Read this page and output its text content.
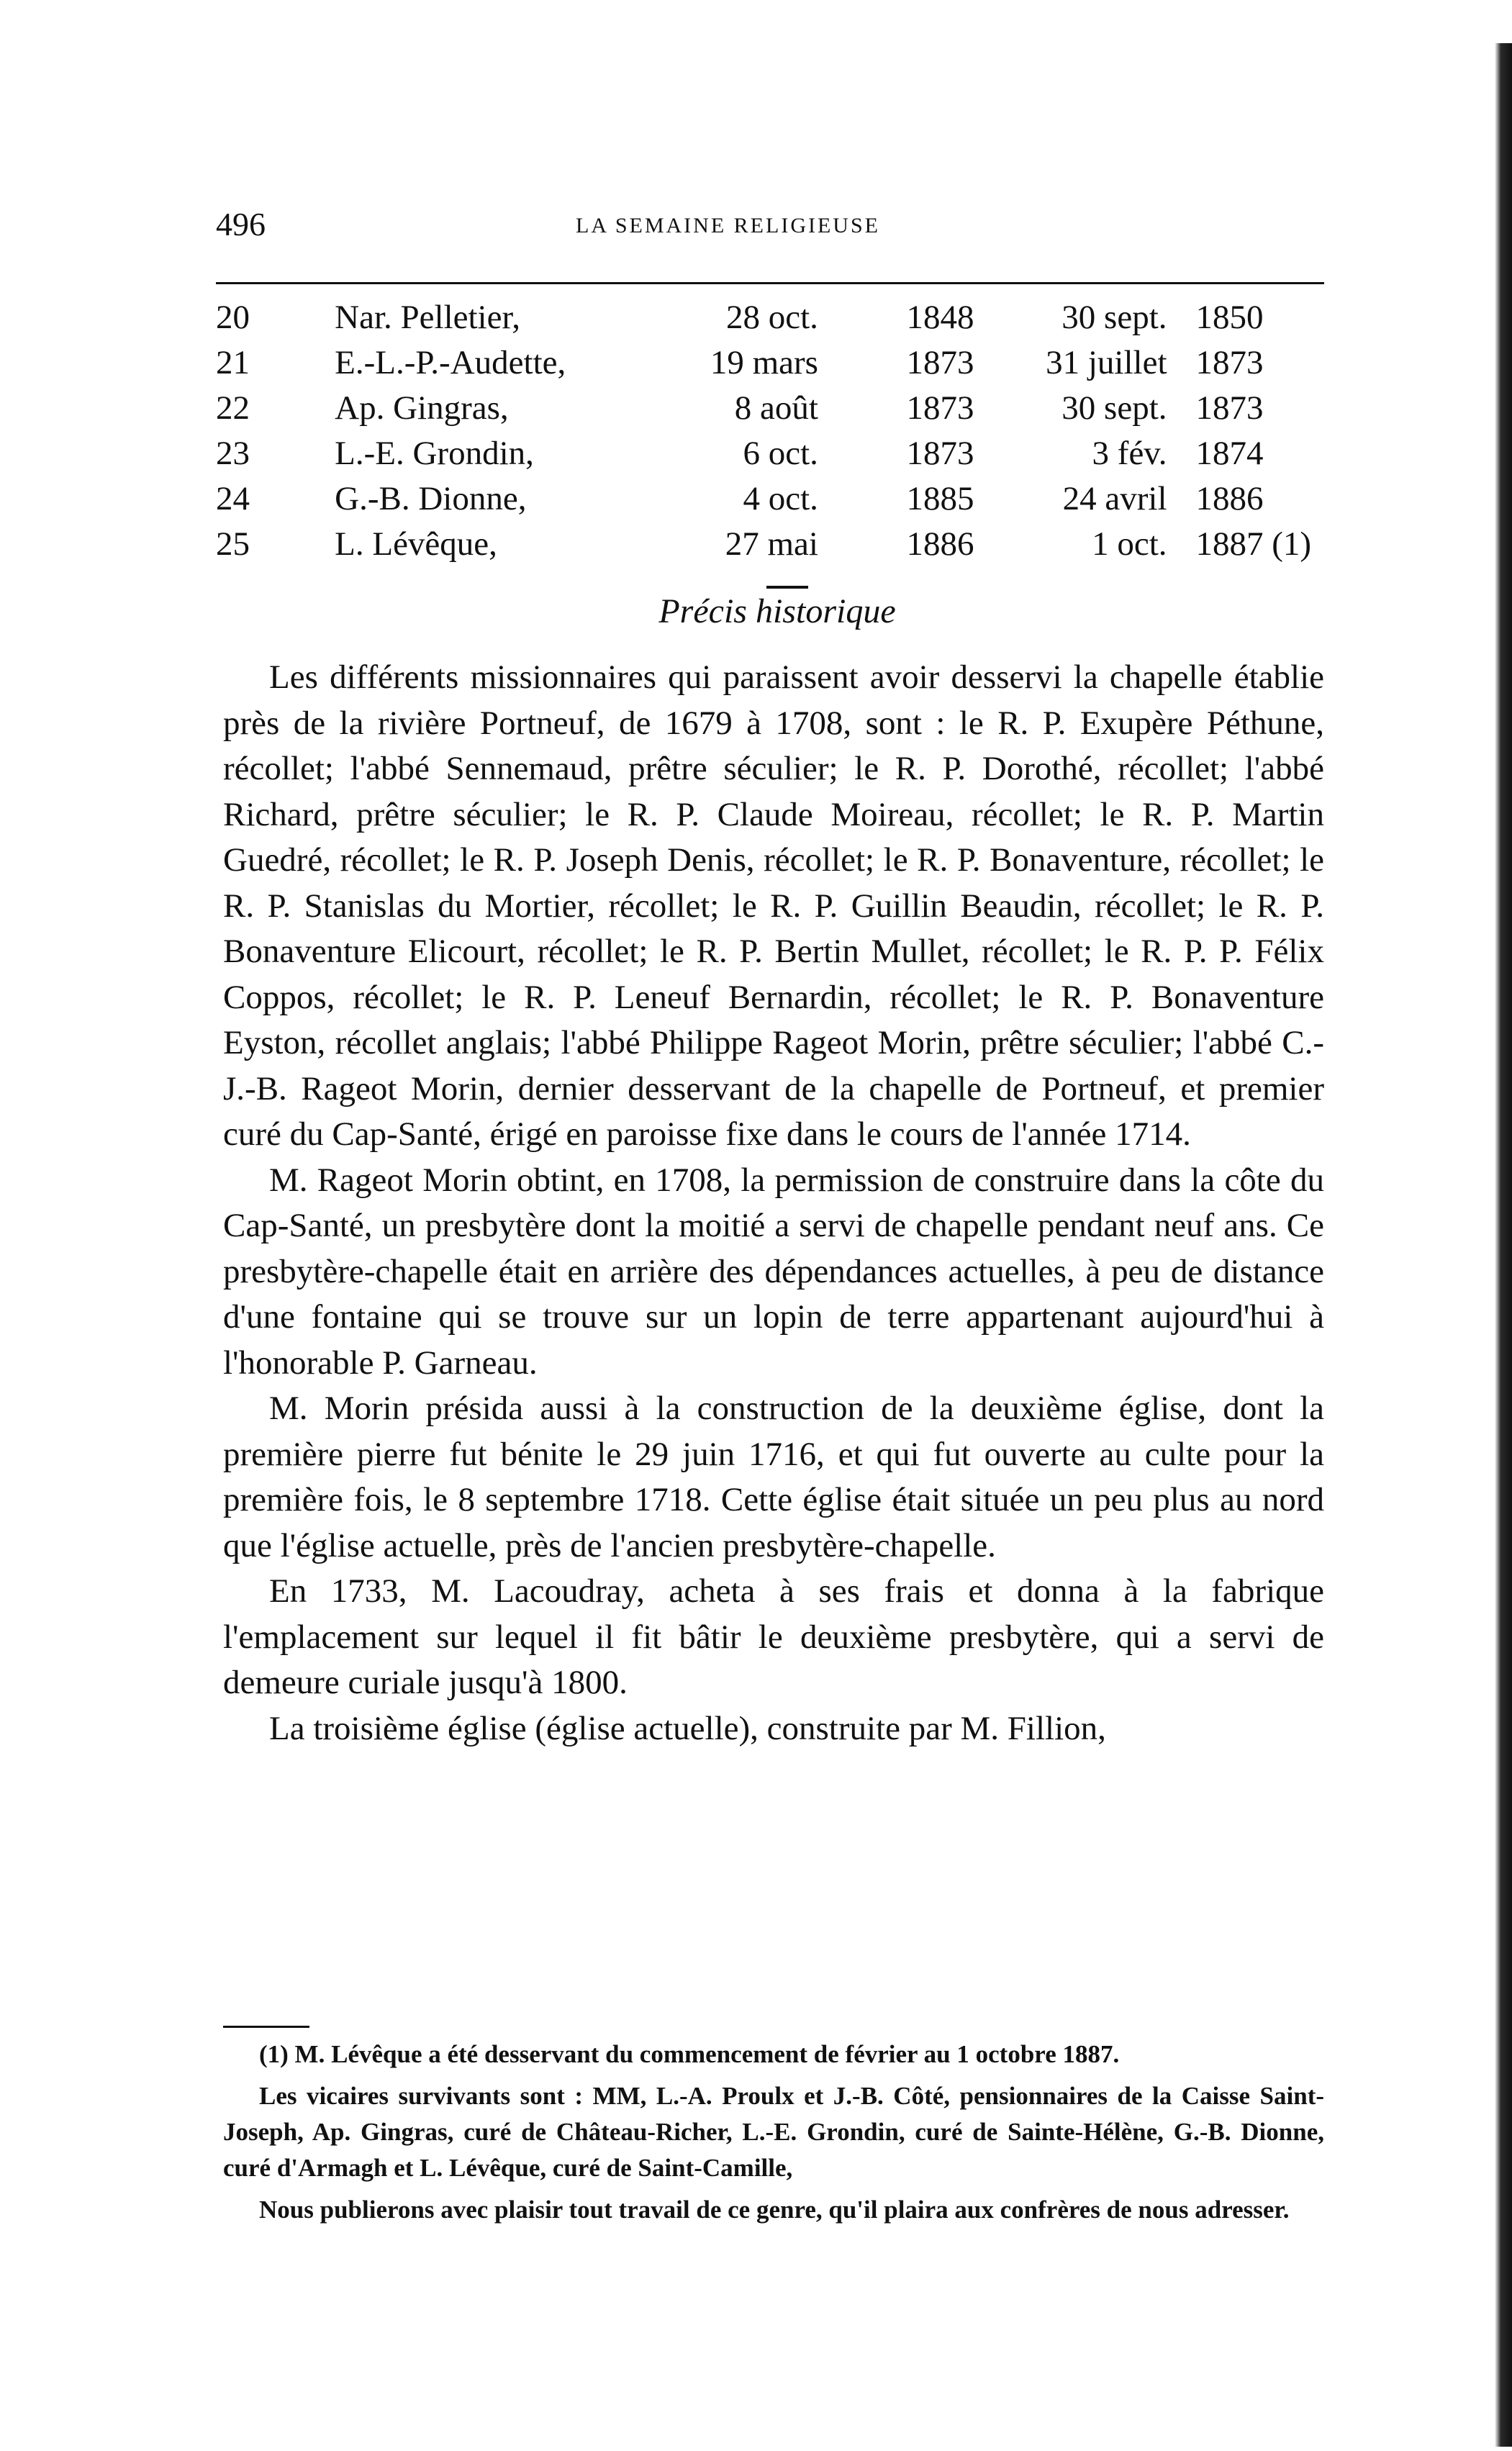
496	LA SEMAINE RELIGIEUSE
20	Nar. Pelletier,	28 oct.	1848	30 sept.	1850
21	E.-L.-P.-Audette,	19 mars	1873	31 juillet	1873
22	Ap. Gingras,	8 août	1873	30 sept.	1873
23	L.-E. Grondin,	6 oct.	1873	3 fév.	1874
24	G.-B. Dionne,	4 oct.	1885	24 avril	1886
25	L. Lévêque,	27 mai	1886	1 oct.	1887 (1)
Précis historique

Les différents missionnaires qui paraissent avoir desservi la chapelle établie près de la rivière Portneuf, de 1679 à 1708, sont : le R. P. Exupère Péthune, récollet; l'abbé Sennemaud, prêtre séculier; le R. P. Dorothé, récollet; l'abbé Richard, prêtre séculier; le R. P. Claude Moireau, récollet; le R. P. Martin Guedré, récollet; le R. P. Joseph Denis, récollet; le R. P. Bonaventure, récollet; le R. P. Stanislas du Mortier, récollet; le R. P. Guillin Beaudin, récollet; le R. P. Bonaventure Elicourt, récollet; le R. P. Bertin Mullet, récollet; le R. P. P. Félix Coppos, récollet; le R. P. Leneuf Bernardin, récollet; le R. P. Bonaventure Eyston, récollet anglais; l'abbé Philippe Rageot Morin, prêtre séculier; l'abbé C.-J.-B. Rageot Morin, dernier desservant de la chapelle de Portneuf, et premier curé du Cap-Santé, érigé en paroisse fixe dans le cours de l'année 1714.

M. Rageot Morin obtint, en 1708, la permission de construire dans la côte du Cap-Santé, un presbytère dont la moitié a servi de chapelle pendant neuf ans. Ce presbytère-chapelle était en arrière des dépendances actuelles, à peu de distance d'une fontaine qui se trouve sur un lopin de terre appartenant aujourd'hui à l'honorable P. Garneau.

M. Morin présida aussi à la construction de la deuxième église, dont la première pierre fut bénite le 29 juin 1716, et qui fut ouverte au culte pour la première fois, le 8 septembre 1718. Cette église était située un peu plus au nord que l'église actuelle, près de l'ancien presbytère-chapelle.

En 1733, M. Lacoudray, acheta à ses frais et donna à la fabrique l'emplacement sur lequel il fit bâtir le deuxième presbytère, qui a servi de demeure curiale jusqu'à 1800.

La troisième église (église actuelle), construite par M. Fillion,

(1) M. Lévêque a été desservant du commencement de février au 1 octobre 1887.

Les vicaires survivants sont : MM, L.-A. Proulx et J.-B. Côté, pensionnaires de la Caisse Saint-Joseph, Ap. Gingras, curé de Château-Richer, L.-E. Grondin, curé de Sainte-Hélène, G.-B. Dionne, curé d'Armagh et L. Lévêque, curé de Saint-Camille,

Nous publierons avec plaisir tout travail de ce genre, qu'il plaira aux confrères de nous adresser.
